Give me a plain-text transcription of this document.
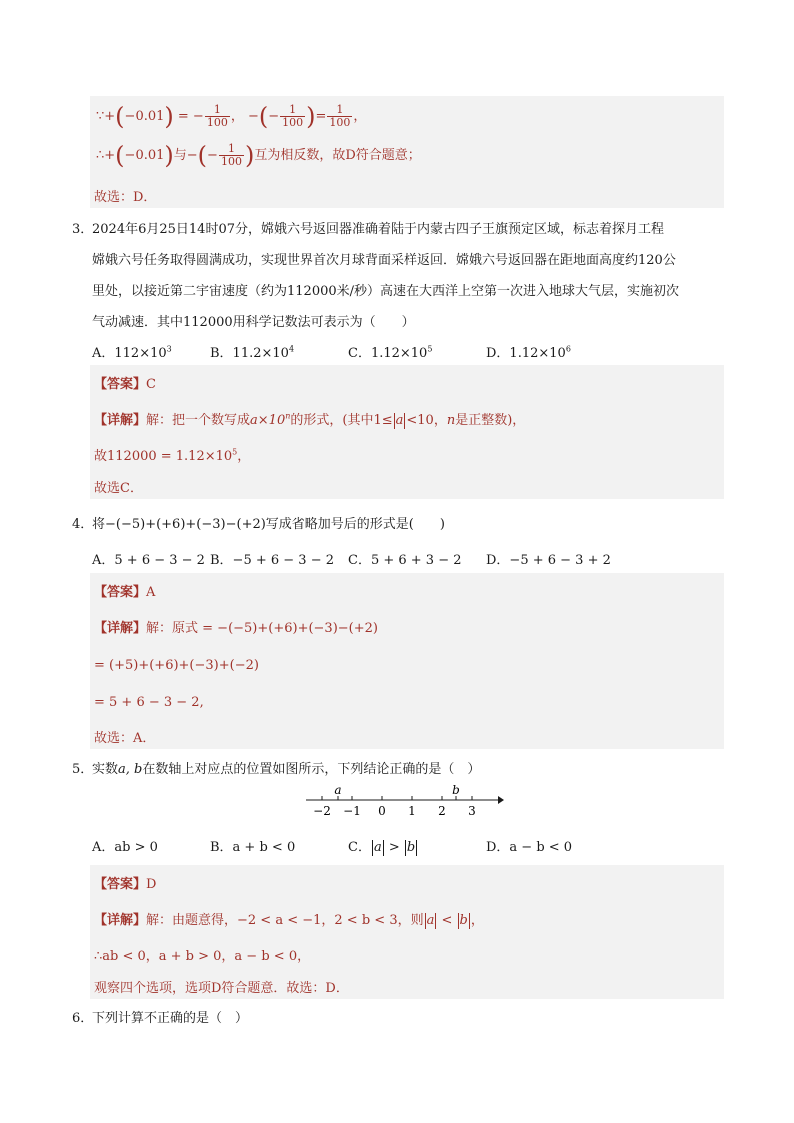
∵+(−0.01) = − $\frac{1}{100}$ ， −(− $\frac{1}{100}$ )= $\frac{1}{100}$ ，
∴+(−0.01)与−(− $\frac{1}{100}$ )互为相反数，故D符合题意；
故选：D．
3．
2024年6月25日14时07分，嫦娥六号返回器准确着陆于内蒙古四子王旗预定区域，标志着探月工程
嫦娥六号任务取得圆满成功，实现世界首次月球背面采样返回．嫦娥六号返回器在距地面高度约120公
里处，以接近第二宇宙速度（约为112000米/秒）高速在大西洋上空第一次进入地球大气层，实施初次
气动减速．其中112000用科学记数法可表示为（　　）
A．$112\times 10^3$	B．$11.2\times 10^4$	C．$1.12\times 10^5$	D．$1.12\times 10^6$
【答案】C
【详解】解：把一个数写成$a\times 10^n$的形式，(其中1≤ a <10，n是正整数)，
故$112000 = 1.12\times 10^5$，
故选C．
4．
将−(−5)+(+6)+(−3)−(+2)写成省略加号后的形式是(　　)
A．5 + 6 − 3 − 2 B．−5 + 6 − 3 − 2 C．5 + 6 + 3 − 2 D．−5 + 6 − 3 + 2
【答案】A
【详解】解：原式 = −(−5)+(+6)+(−3)−(+2)
= (+5)+(+6)+(−3)+(−2)
= 5 + 6 − 3 − 2,
故选：A．
5．
实数a, b在数轴上对应点的位置如图所示，下列结论正确的是（　）
−2 −1 0 1 2 3
a	b
A．ab > 0	B．a + b < 0	C． a > b	D．a − b < 0
【答案】D
【详解】解：由题意得，−2 < a < −1，2 < b < 3，则 a < b ，
∴ab < 0，a + b > 0，a − b < 0，
观察四个选项，选项D符合题意．故选：D．
6．
下列计算不正确的是（　）
